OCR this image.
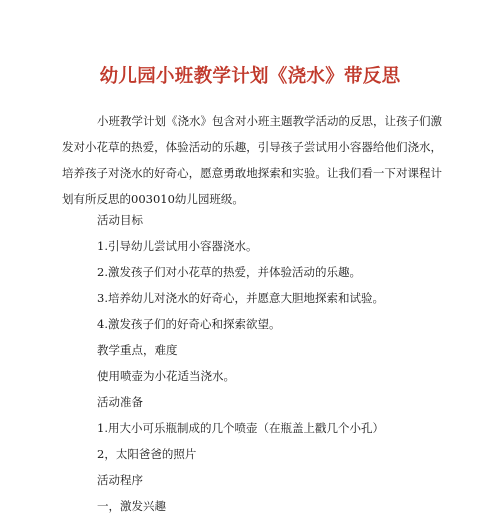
幼儿园小班教学计划《浇水》带反思
小班教学计划《浇水》包含对小班主题教学活动的反思，让孩子们激发对小花草的热爱，体验活动的乐趣，引导孩子尝试用小容器给他们浇水，培养孩子对浇水的好奇心，愿意勇敢地探索和实验。让我们看一下对课程计划有所反思的003010幼儿园班级。
活动目标
1.引导幼儿尝试用小容器浇水。
2.激发孩子们对小花草的热爱，并体验活动的乐趣。
3.培养幼儿对浇水的好奇心，并愿意大胆地探索和试验。
4.激发孩子们的好奇心和探索欲望。
教学重点，难度
使用喷壶为小花适当浇水。
活动准备
1.用大小可乐瓶制成的几个喷壶（在瓶盖上戳几个小孔）
2，太阳爸爸的照片
活动程序
一，激发兴趣
